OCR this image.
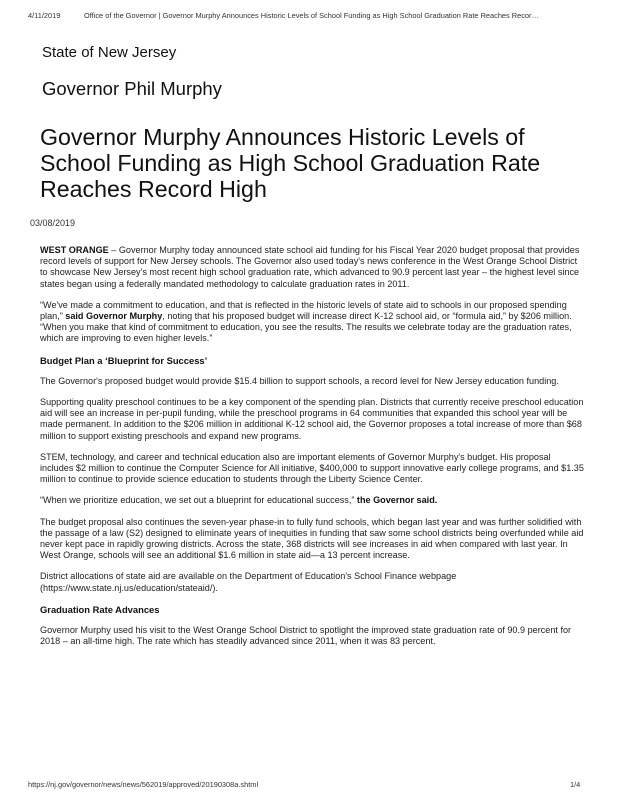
4/11/2019	Office of the Governor | Governor Murphy Announces Historic Levels of School Funding as High School Graduation Rate Reaches Recor…
State of New Jersey
Governor Phil Murphy
Governor Murphy Announces Historic Levels of School Funding as High School Graduation Rate Reaches Record High
03/08/2019

WEST ORANGE – Governor Murphy today announced state school aid funding for his Fiscal Year 2020 budget proposal that provides record levels of support for New Jersey schools. The Governor also used today's news conference in the West Orange School District to showcase New Jersey's most recent high school graduation rate, which advanced to 90.9 percent last year – the highest level since states began using a federally mandated methodology to calculate graduation rates in 2011.

“We've made a commitment to education, and that is reflected in the historic levels of state aid to schools in our proposed spending plan,” said Governor Murphy, noting that his proposed budget will increase direct K-12 school aid, or “formula aid,” by $206 million. “When you make that kind of commitment to education, you see the results. The results we celebrate today are the graduation rates, which are improving to even higher levels.”

Budget Plan a ‘Blueprint for Success’

The Governor's proposed budget would provide $15.4 billion to support schools, a record level for New Jersey education funding.

Supporting quality preschool continues to be a key component of the spending plan. Districts that currently receive preschool education aid will see an increase in per-pupil funding, while the preschool programs in 64 communities that expanded this school year will be made permanent. In addition to the $206 million in additional K-12 school aid, the Governor proposes a total increase of more than $68 million to support existing preschools and expand new programs.

STEM, technology, and career and technical education also are important elements of Governor Murphy's budget. His proposal includes $2 million to continue the Computer Science for All initiative, $400,000 to support innovative early college programs, and $1.35 million to continue to provide science education to students through the Liberty Science Center.

“When we prioritize education, we set out a blueprint for educational success,” the Governor said.

The budget proposal also continues the seven-year phase-in to fully fund schools, which began last year and was further solidified with the passage of a law (S2) designed to eliminate years of inequities in funding that saw some school districts being overfunded while aid never kept pace in rapidly growing districts. Across the state, 368 districts will see increases in aid when compared with last year. In West Orange, schools will see an additional $1.6 million in state aid—a 13 percent increase.

District allocations of state aid are available on the Department of Education's School Finance webpage (https://www.state.nj.us/education/stateaid/).

Graduation Rate Advances

Governor Murphy used his visit to the West Orange School District to spotlight the improved state graduation rate of 90.9 percent for 2018 – an all-time high. The rate which has steadily advanced since 2011, when it was 83 percent.

https://nj.gov/governor/news/news/562019/approved/20190308a.shtml	1/4
